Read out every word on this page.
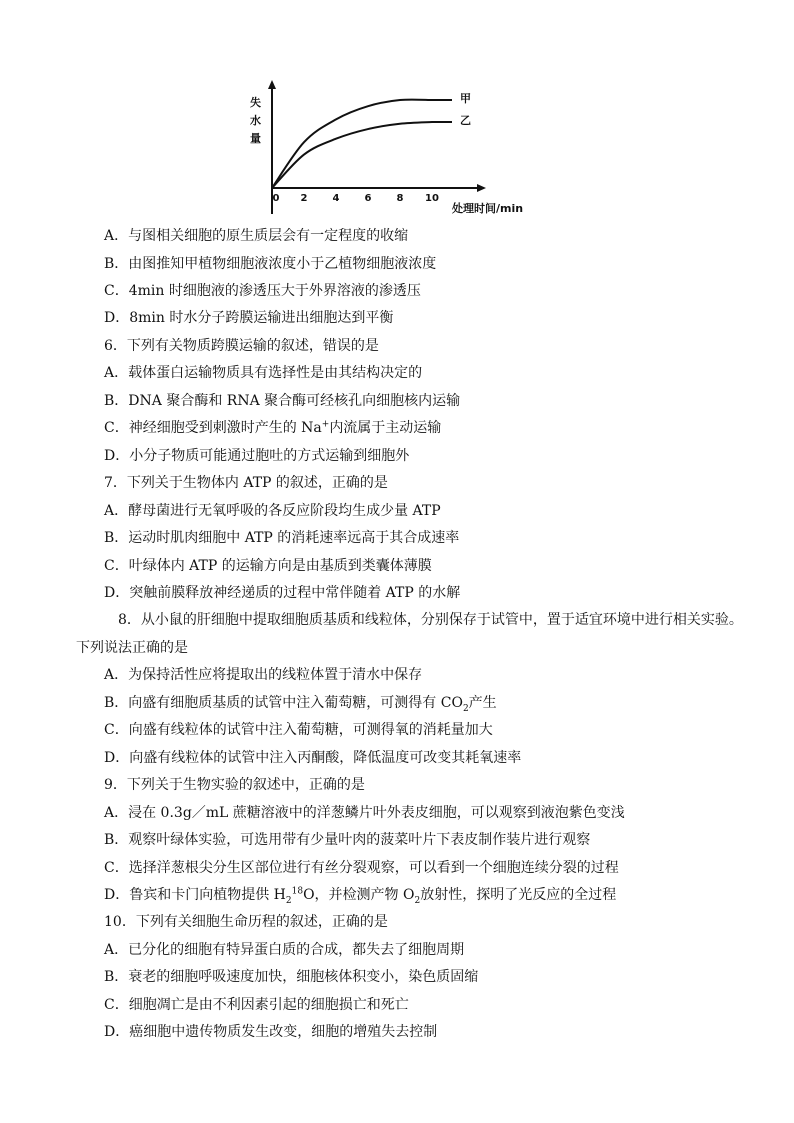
失
水
量
0 2	4	6	8 10
甲
乙
处理时间/min
A．与图相关细胞的原生质层会有一定程度的收缩
B．由图推知甲植物细胞液浓度小于乙植物细胞液浓度
C．4min 时细胞液的渗透压大于外界溶液的渗透压
D．8min 时水分子跨膜运输进出细胞达到平衡
6．下列有关物质跨膜运输的叙述，错误的是
A．载体蛋白运输物质具有选择性是由其结构决定的
B．DNA 聚合酶和 RNA 聚合酶可经核孔向细胞核内运输
C．神经细胞受到刺激时产生的 Na+内流属于主动运输
D．小分子物质可能通过胞吐的方式运输到细胞外
7．下列关于生物体内 ATP 的叙述，正确的是
A．酵母菌进行无氧呼吸的各反应阶段均生成少量 ATP
B．运动时肌肉细胞中 ATP 的消耗速率远高于其合成速率
C．叶绿体内 ATP 的运输方向是由基质到类囊体薄膜
D．突触前膜释放神经递质的过程中常伴随着 ATP 的水解
8．从小鼠的肝细胞中提取细胞质基质和线粒体，分别保存于试管中，置于适宜环境中进行相关实验。
下列说法正确的是
A．为保持活性应将提取出的线粒体置于清水中保存
B．向盛有细胞质基质的试管中注入葡萄糖，可测得有 $CO_2$产生
C．向盛有线粒体的试管中注入葡萄糖，可测得氧的消耗量加大
D．向盛有线粒体的试管中注入丙酮酸，降低温度可改变其耗氧速率
9．下列关于生物实验的叙述中，正确的是
A．浸在 0.3g／mL 蔗糖溶液中的洋葱鳞片叶外表皮细胞，可以观察到液泡紫色变浅
B．观察叶绿体实验，可选用带有少量叶肉的菠菜叶片下表皮制作装片进行观察
C．选择洋葱根尖分生区部位进行有丝分裂观察，可以看到一个细胞连续分裂的过程
D．鲁宾和卡门向植物提供 $H_2^{18}O$，并检测产物 $O_2$放射性，探明了光反应的全过程
10．下列有关细胞生命历程的叙述，正确的是
A．已分化的细胞有特异蛋白质的合成，都失去了细胞周期
B．衰老的细胞呼吸速度加快，细胞核体积变小，染色质固缩
C．细胞凋亡是由不利因素引起的细胞损亡和死亡
D．癌细胞中遗传物质发生改变，细胞的增殖失去控制
